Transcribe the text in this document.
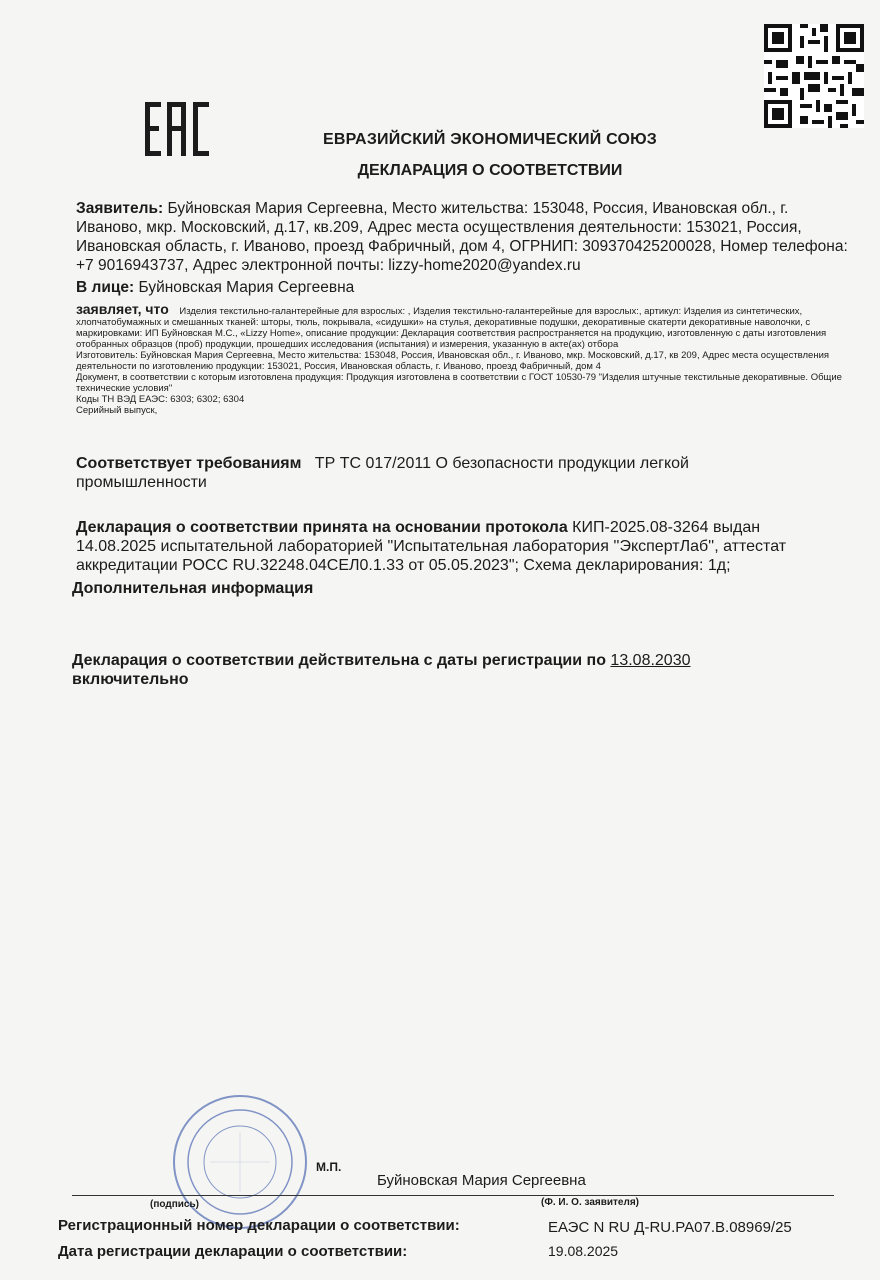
ЕВРАЗИЙСКИЙ ЭКОНОМИЧЕСКИЙ СОЮЗ
ДЕКЛАРАЦИЯ О СООТВЕТСТВИИ
Заявитель: Буйновская Мария Сергеевна, Место жительства: 153048, Россия, Ивановская обл., г. Иваново, мкр. Московский, д.17, кв.209, Адрес места осуществления деятельности: 153021, Россия, Ивановская область, г. Иваново, проезд Фабричный, дом 4, ОГРНИП: 309370425200028, Номер телефона: +7 9016943737, Адрес электронной почты: lizzy-home2020@yandex.ru
В лице: Буйновская Мария Сергеевна
заявляет, что Изделия текстильно-галантерейные для взрослых: , Изделия текстильно-галантерейные для взрослых:, артикул: Изделия из синтетических, хлопчатобумажных и смешанных тканей: шторы, тюль, покрывала, «сидушки» на стулья, декоративные подушки, декоративные скатерти декоративные наволочки, с маркировками: ИП Буйновская М.С., «Lizzy Home», описание продукции: Декларация соответствия распространяется на продукцию, изготовленную с даты изготовления отобранных образцов (проб) продукции, прошедших исследования (испытания) и измерения, указанную в акте(ах) отбора
Изготовитель: Буйновская Мария Сергеевна, Место жительства: 153048, Россия, Ивановская обл., г. Иваново, мкр. Московский, д.17, кв 209, Адрес места осуществления деятельности по изготовлению продукции: 153021, Россия, Ивановская область, г. Иваново, проезд Фабричный, дом 4
Документ, в соответствии с которым изготовлена продукция: Продукция изготовлена в соответствии с ГОСТ 10530-79 "Изделия штучные текстильные декоративные. Общие технические условия"
Коды ТН ВЭД ЕАЭС: 6303; 6302; 6304
Серийный выпуск,
Соответствует требованиям ТР ТС 017/2011 О безопасности продукции легкой промышленности
Декларация о соответствии принята на основании протокола КИП-2025.08-3264 выдан 14.08.2025 испытательной лабораторией "Испытательная лаборатория ''ЭкспертЛаб'', аттестат аккредитации РОСС RU.32248.04СЕЛ0.1.33 от 05.05.2023"; Схема декларирования: 1д;
Дополнительная информация
Декларация о соответствии действительна с даты регистрации по 13.08.2030
включительно
М.П.
Буйновская Мария Сергеевна
(подпись)	(Ф. И. О. заявителя)
Регистрационный номер декларации о соответствии:	ЕАЭС N RU Д-RU.PA07.B.08969/25
Дата регистрации декларации о соответствии:	19.08.2025
